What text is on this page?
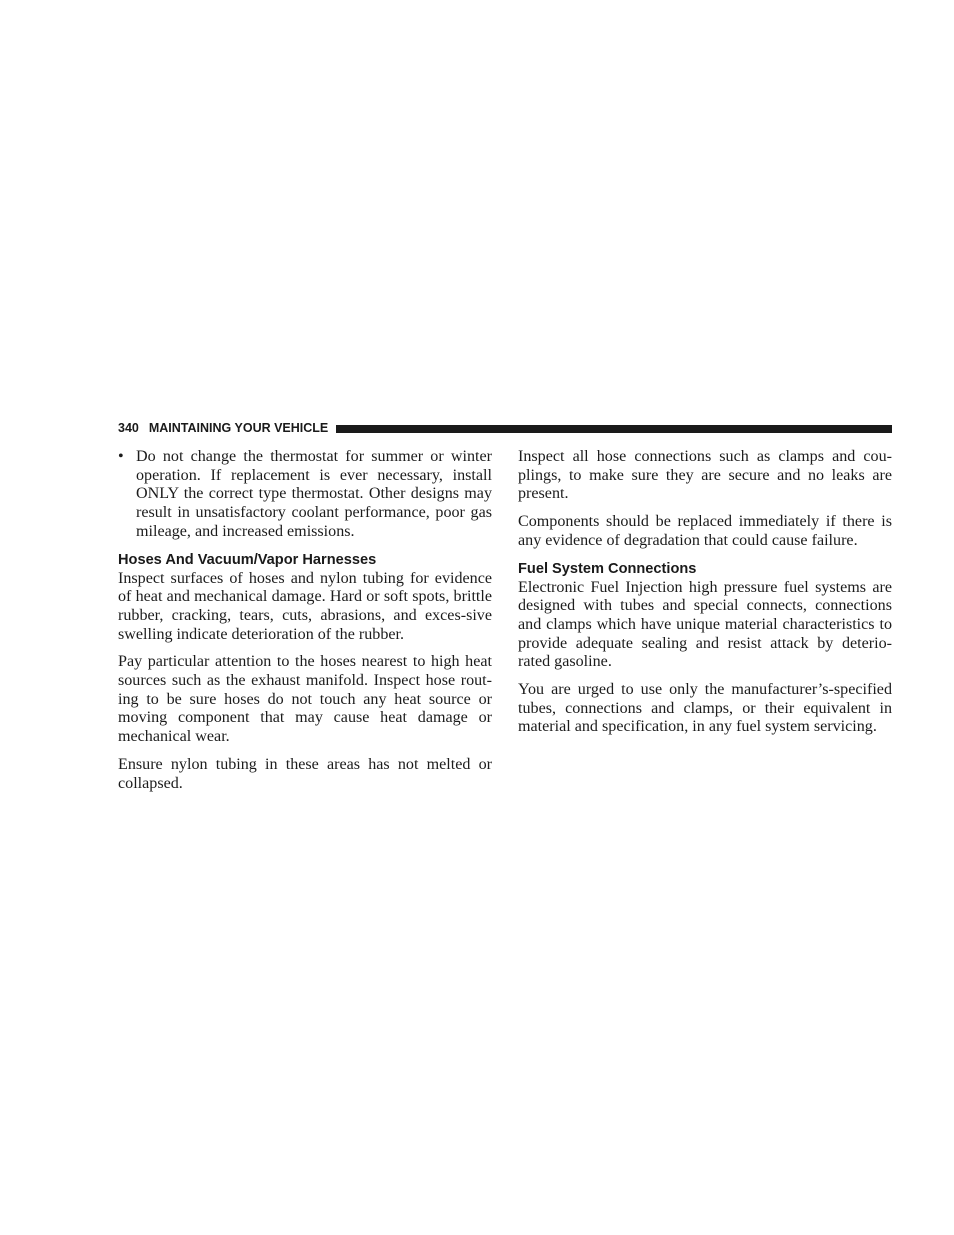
340 MAINTAINING YOUR VEHICLE
• Do not change the thermostat for summer or winter operation. If replacement is ever necessary, install ONLY the correct type thermostat. Other designs may result in unsatisfactory coolant performance, poor gas mileage, and increased emissions.

Hoses And Vacuum/Vapor Harnesses

Inspect surfaces of hoses and nylon tubing for evidence of heat and mechanical damage. Hard or soft spots, brittle rubber, cracking, tears, cuts, abrasions, and exces-sive swelling indicate deterioration of the rubber.

Pay particular attention to the hoses nearest to high heat sources such as the exhaust manifold. Inspect hose rout-ing to be sure hoses do not touch any heat source or moving component that may cause heat damage or mechanical wear.

Ensure nylon tubing in these areas has not melted or collapsed.

Inspect all hose connections such as clamps and cou-plings, to make sure they are secure and no leaks are present.

Components should be replaced immediately if there is any evidence of degradation that could cause failure.

Fuel System Connections

Electronic Fuel Injection high pressure fuel systems are designed with tubes and special connects, connections and clamps which have unique material characteristics to provide adequate sealing and resist attack by deterio-rated gasoline.

You are urged to use only the manufacturer’s-specified tubes, connections and clamps, or their equivalent in material and specification, in any fuel system servicing.
